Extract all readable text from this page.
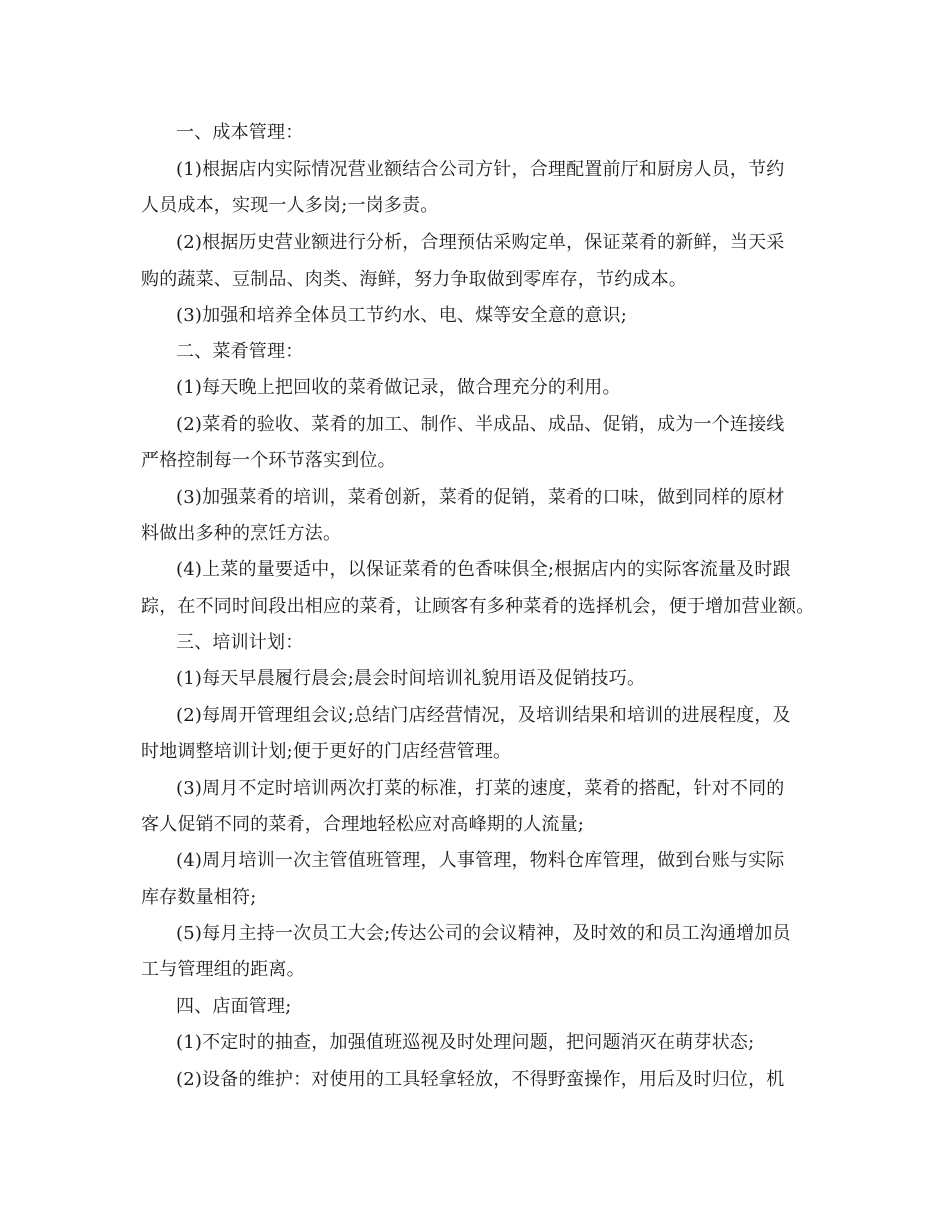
一、成本管理：
(1)根据店内实际情况营业额结合公司方针，合理配置前厅和厨房人员，节约
人员成本，实现一人多岗;一岗多责。
(2)根据历史营业额进行分析，合理预估采购定单，保证菜肴的新鲜，当天采
购的蔬菜、豆制品、肉类、海鲜，努力争取做到零库存，节约成本。
(3)加强和培养全体员工节约水、电、煤等安全意的意识;
二、菜肴管理：
(1)每天晚上把回收的菜肴做记录，做合理充分的利用。
(2)菜肴的验收、菜肴的加工、制作、半成品、成品、促销，成为一个连接线
严格控制每一个环节落实到位。
(3)加强菜肴的培训，菜肴创新，菜肴的促销，菜肴的口味，做到同样的原材
料做出多种的烹饪方法。
(4)上菜的量要适中，以保证菜肴的色香味俱全;根据店内的实际客流量及时跟
踪，在不同时间段出相应的菜肴，让顾客有多种菜肴的选择机会，便于增加营业额。
三、培训计划：
(1)每天早晨履行晨会;晨会时间培训礼貌用语及促销技巧。
(2)每周开管理组会议;总结门店经营情况，及培训结果和培训的进展程度，及
时地调整培训计划;便于更好的门店经营管理。
(3)周月不定时培训两次打菜的标准，打菜的速度，菜肴的搭配，针对不同的
客人促销不同的菜肴，合理地轻松应对高峰期的人流量;
(4)周月培训一次主管值班管理，人事管理，物料仓库管理，做到台账与实际
库存数量相符;
(5)每月主持一次员工大会;传达公司的会议精神，及时效的和员工沟通增加员
工与管理组的距离。
四、店面管理;
(1)不定时的抽查，加强值班巡视及时处理问题，把问题消灭在萌芽状态;
(2)设备的维护：对使用的工具轻拿轻放，不得野蛮操作，用后及时归位，机
